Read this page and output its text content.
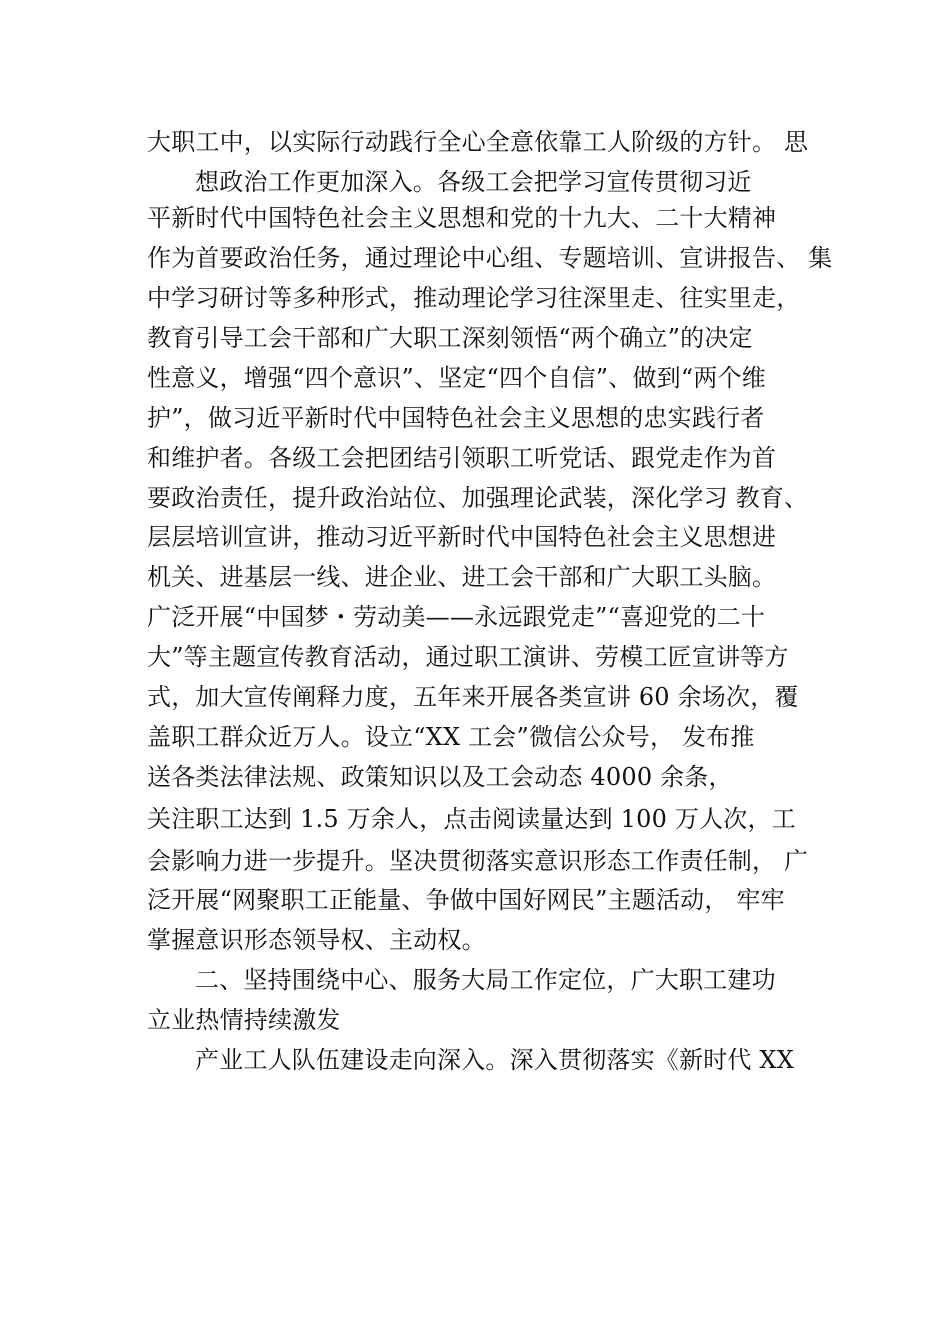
大职工中，以实际行动践行全心全意依靠工人阶级的方针。 思
想政治工作更加深入。各级工会把学习宣传贯彻习近
平新时代中国特色社会主义思想和党的十九大、二十大精神
作为首要政治任务，通过理论中心组、专题培训、宣讲报告、 集
中学习研讨等多种形式，推动理论学习往深里走、往实里走，
教育引导工会干部和广大职工深刻领悟“两个确立”的决定
性意义，增强“四个意识”、坚定“四个自信”、做到“两个维
护”，做习近平新时代中国特色社会主义思想的忠实践行者
和维护者。各级工会把团结引领职工听党话、跟党走作为首
要政治责任，提升政治站位、加强理论武装，深化学习 教育、
层层培训宣讲，推动习近平新时代中国特色社会主义思想进
机关、进基层一线、进企业、进工会干部和广大职工头脑。
广泛开展“中国梦・劳动美——永远跟党走”“喜迎党的二十
大”等主题宣传教育活动，通过职工演讲、劳模工匠宣讲等方
式，加大宣传阐释力度，五年来开展各类宣讲 60 余场次，覆
盖职工群众近万人。设立“XX 工会”微信公众号， 发布推
送各类法律法规、政策知识以及工会动态 4000 余条，
关注职工达到 1.5 万余人，点击阅读量达到 100 万人次，工
会影响力进一步提升。坚决贯彻落实意识形态工作责任制， 广
泛开展“网聚职工正能量、争做中国好网民”主题活动， 牢牢
掌握意识形态领导权、主动权。
二、坚持围绕中心、服务大局工作定位，广大职工建功
立业热情持续激发
产业工人队伍建设走向深入。深入贯彻落实《新时代 XX
